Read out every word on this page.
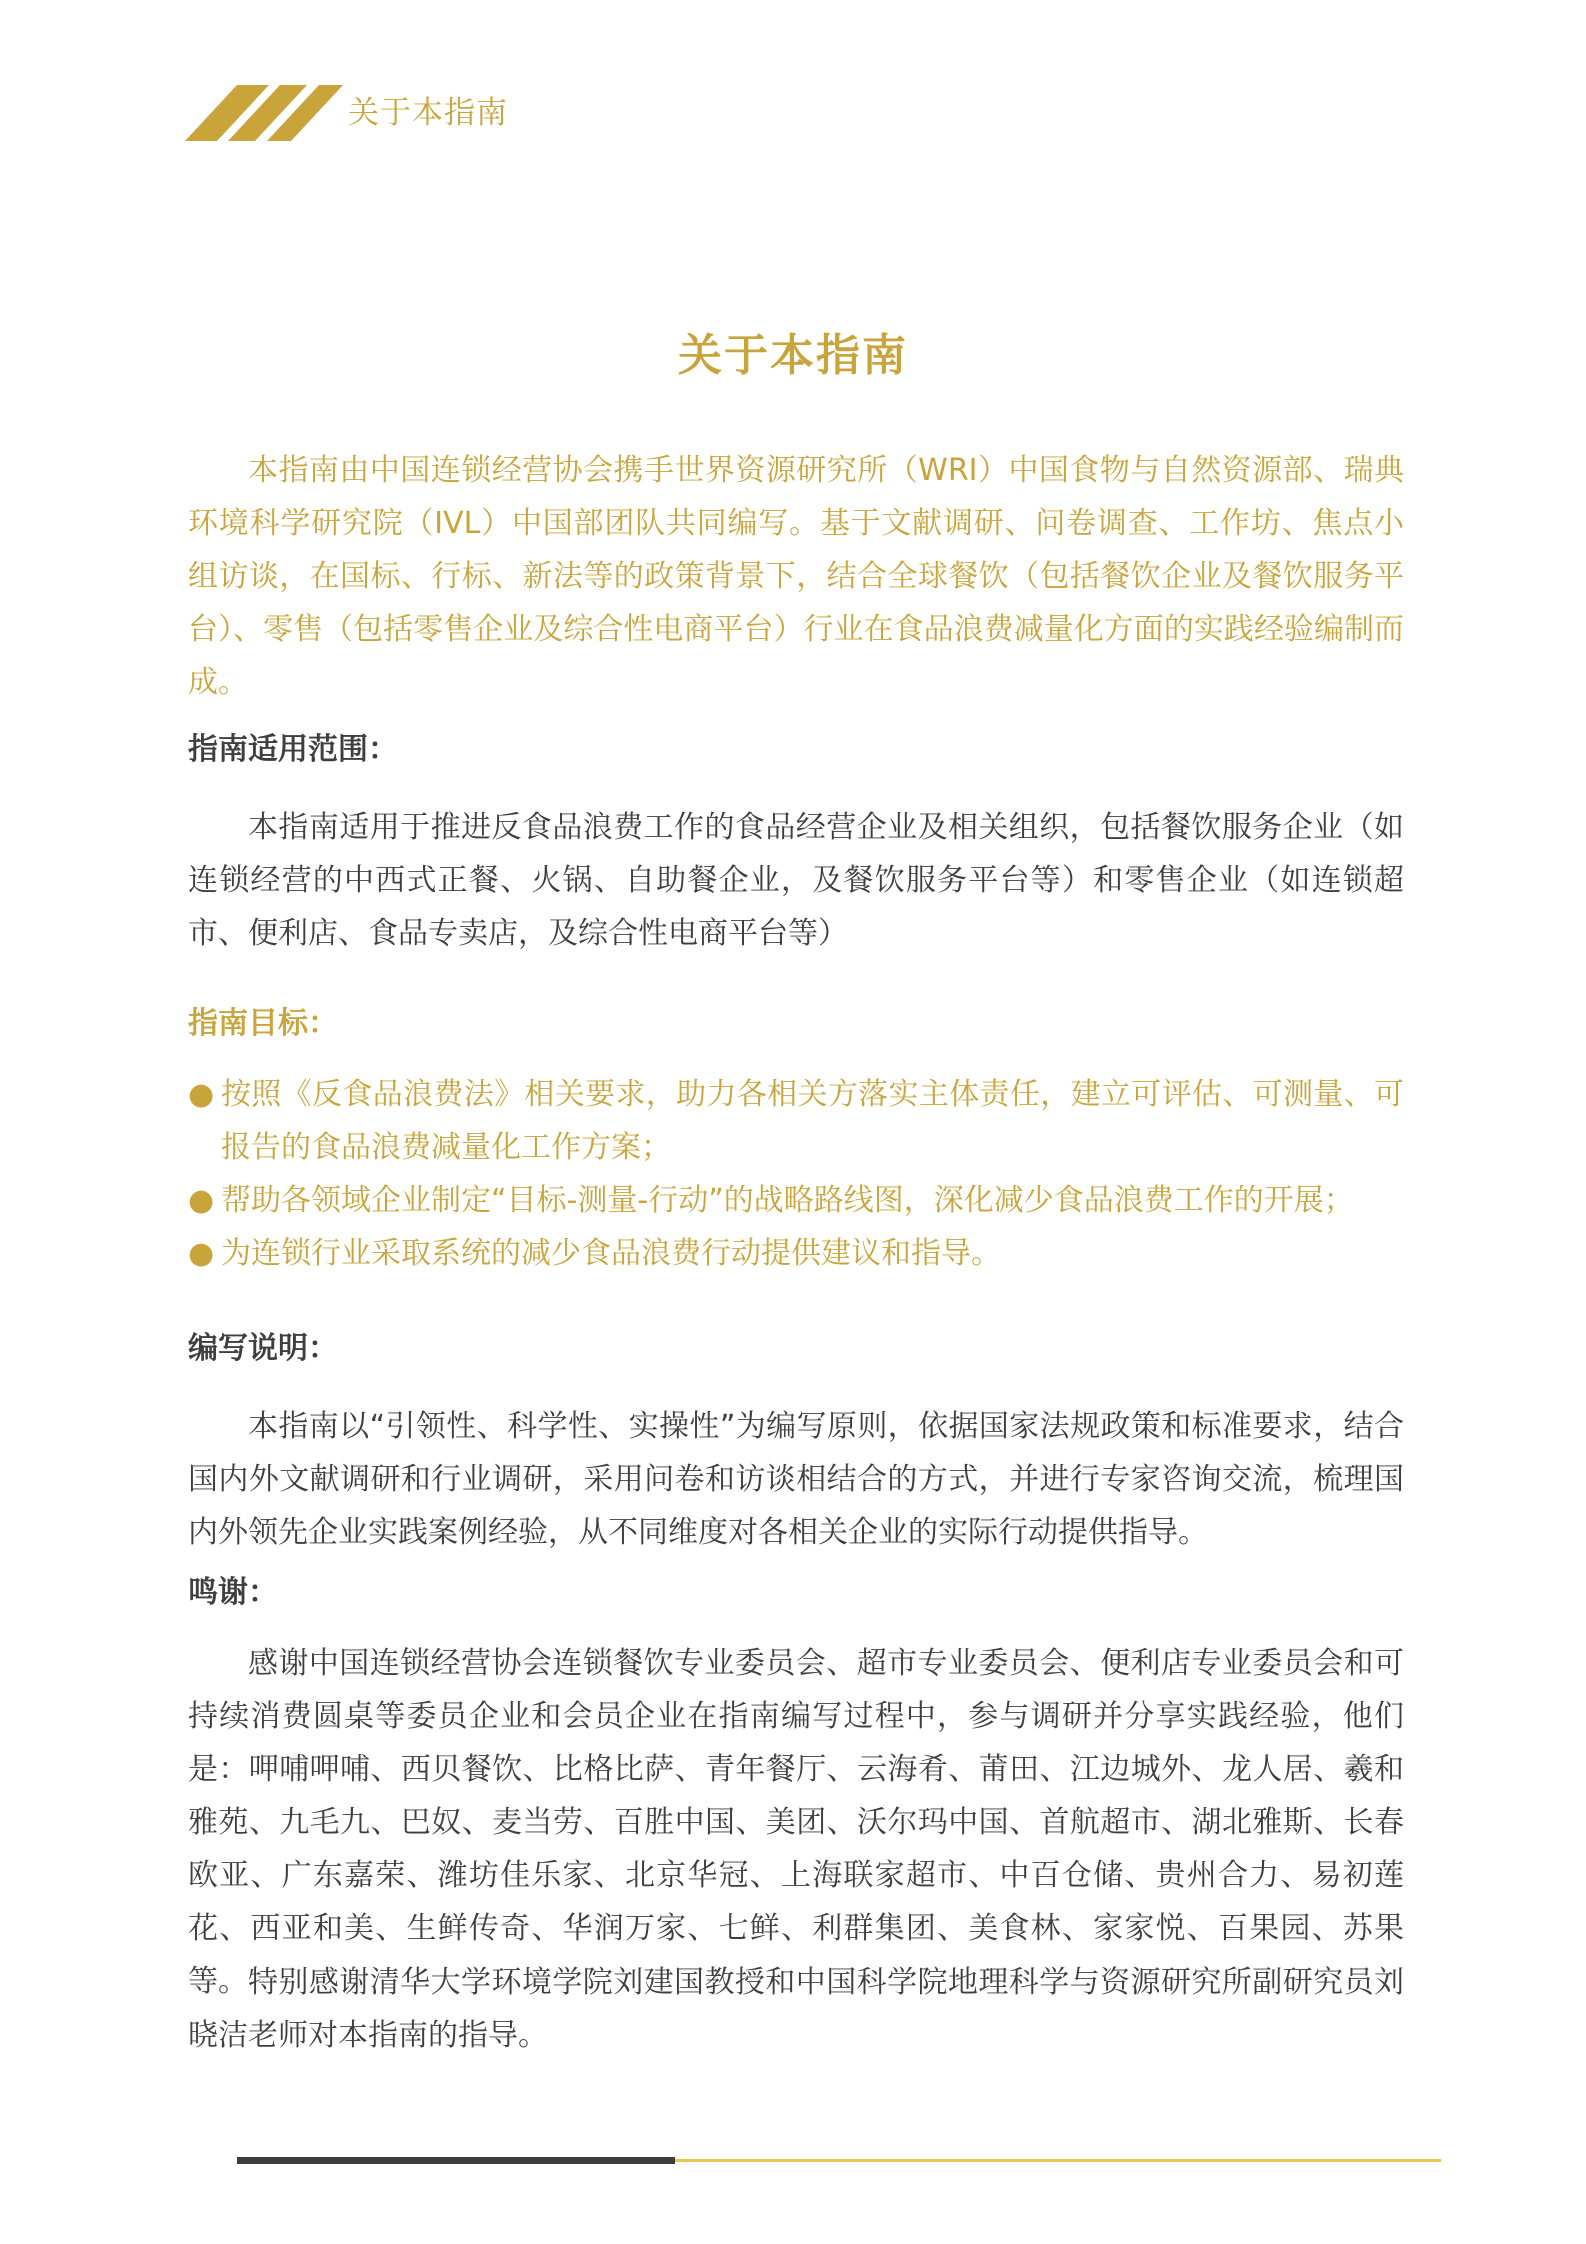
关于本指南
关于本指南

本指南由中国连锁经营协会携手世界资源研究所（WRI）中国食物与自然资源部、瑞典环境科学研究院（IVL）中国部团队共同编写。基于文献调研、问卷调查、工作坊、焦点小组访谈，在国标、行标、新法等的政策背景下，结合全球餐饮（包括餐饮企业及餐饮服务平台）、零售（包括零售企业及综合性电商平台）行业在食品浪费减量化方面的实践经验编制而成。

指南适用范围：

本指南适用于推进反食品浪费工作的食品经营企业及相关组织，包括餐饮服务企业（如连锁经营的中西式正餐、火锅、自助餐企业，及餐饮服务平台等）和零售企业（如连锁超市、便利店、食品专卖店，及综合性电商平台等）

指南目标：
● 按照《反食品浪费法》相关要求，助力各相关方落实主体责任，建立可评估、可测量、可报告的食品浪费减量化工作方案；
● 帮助各领域企业制定“目标-测量-行动”的战略路线图，深化减少食品浪费工作的开展；
● 为连锁行业采取系统的减少食品浪费行动提供建议和指导。
编写说明：

本指南以“引领性、科学性、实操性”为编写原则，依据国家法规政策和标准要求，结合国内外文献调研和行业调研，采用问卷和访谈相结合的方式，并进行专家咨询交流，梳理国内外领先企业实践案例经验，从不同维度对各相关企业的实际行动提供指导。

鸣谢：

感谢中国连锁经营协会连锁餐饮专业委员会、超市专业委员会、便利店专业委员会和可持续消费圆桌等委员企业和会员企业在指南编写过程中，参与调研并分享实践经验，他们是：呷哺呷哺、西贝餐饮、比格比萨、青年餐厅、云海肴、莆田、江边城外、龙人居、羲和雅苑、九毛九、巴奴、麦当劳、百胜中国、美团、沃尔玛中国、首航超市、湖北雅斯、长春欧亚、广东嘉荣、潍坊佳乐家、北京华冠、上海联家超市、中百仓储、贵州合力、易初莲花、西亚和美、生鲜传奇、华润万家、七鲜、利群集团、美食林、家家悦、百果园、苏果等。 特别感谢清华大学环境学院刘建国教授和中国科学院地理科学与资源研究所副研究员刘晓洁老师对本指南的指导。
